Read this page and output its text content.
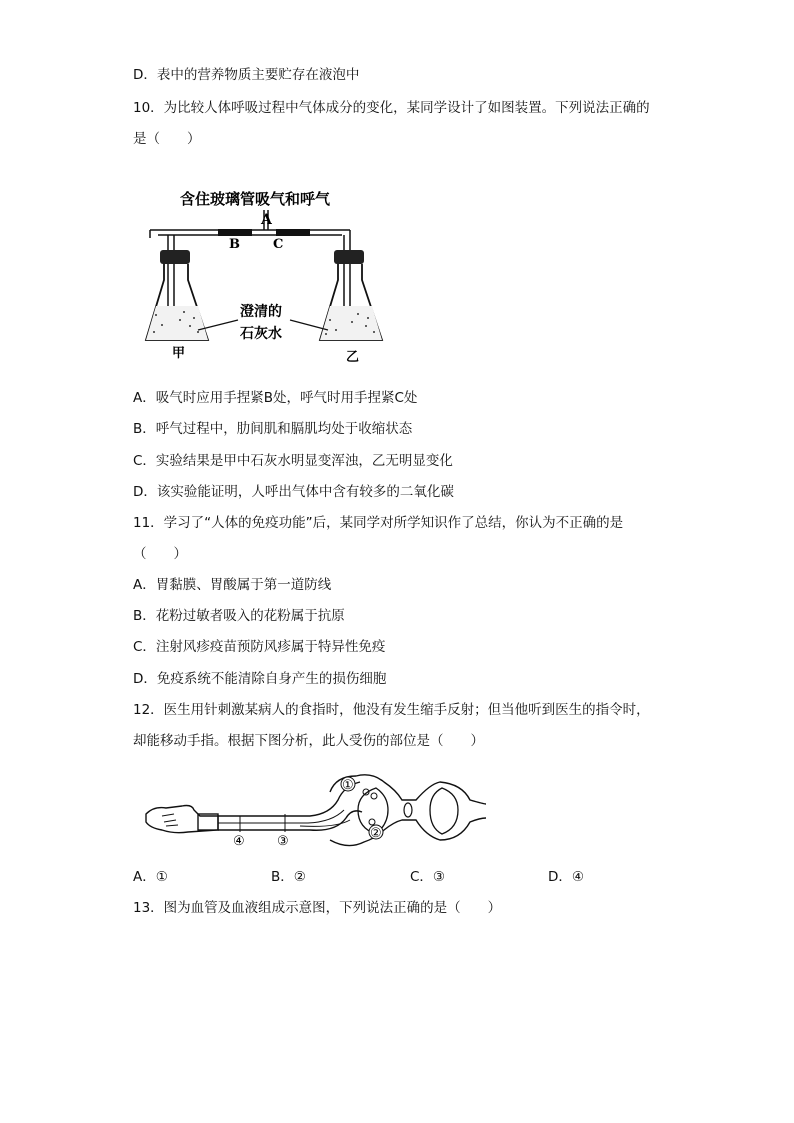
D．表中的营养物质主要贮存在液泡中
10．为比较人体呼吸过程中气体成分的变化，某同学设计了如图装置。下列说法正确的
是（　　）
含住玻璃管吸气和呼气
A
B	C
甲	乙
澄清的
石灰水
A．吸气时应用手捏紧B处，呼气时用手捏紧C处
B．呼气过程中，肋间肌和膈肌均处于收缩状态
C．实验结果是甲中石灰水明显变浑浊，乙无明显变化
D．该实验能证明，人呼出气体中含有较多的二氧化碳
11．学习了“人体的免疫功能”后，某同学对所学知识作了总结，你认为不正确的是
（　　）
A．胃黏膜、胃酸属于第一道防线
B．花粉过敏者吸入的花粉属于抗原
C．注射风疹疫苗预防风疹属于特异性免疫
D．免疫系统不能清除自身产生的损伤细胞
12．医生用针刺激某病人的食指时，他没有发生缩手反射；但当他听到医生的指令时，
却能移动手指。根据下图分析，此人受伤的部位是（　　）
①
②
③
④
A．①	B．②	C．③	D．④
13．图为血管及血液组成示意图，下列说法正确的是（　　）
